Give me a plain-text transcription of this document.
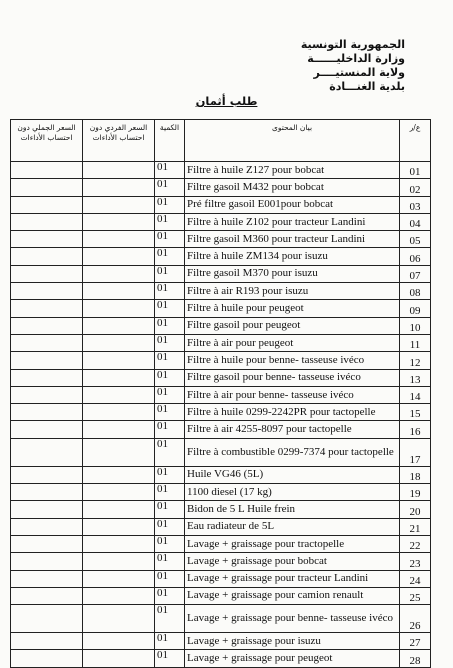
الجمهورية التونسية
وزارة الداخليــــــة
ولاية المنستيــــر
بلدية الغنـــادة
طلب أثمان
السعر الجملي دون احتساب الأداءات	السعر الفردي دون احتساب الأداءات	الكمية	بيان المحتوى	ع/ر
		01	Filtre à huile Z127 pour bobcat	01
		01	Filtre gasoil M432 pour bobcat	02
		01	Pré filtre gasoil E001pour bobcat	03
		01	Filtre à huile Z102 pour tracteur Landini	04
		01	Filtre gasoil M360 pour tracteur Landini	05
		01	Filtre à huile ZM134 pour isuzu	06
		01	Filtre gasoil M370 pour isuzu	07
		01	Filtre à air R193 pour isuzu	08
		01	Filtre à huile pour peugeot	09
		01	Filtre gasoil pour peugeot	10
		01	Filtre à air pour peugeot	11
		01	Filtre à huile pour benne- tasseuse ivéco	12
		01	Filtre gasoil pour benne- tasseuse ivéco	13
		01	Filtre à air pour benne- tasseuse ivéco	14
		01	Filtre à huile 0299-2242PR pour tactopelle	15
		01	Filtre à air 4255-8097 pour tactopelle	16
		01	Filtre à combustible 0299-7374 pour tactopelle	17
		01	Huile VG46 (5L)	18
		01	1100 diesel (17 kg)	19
		01	Bidon de 5 L Huile frein	20
		01	Eau radiateur de 5L	21
		01	Lavage + graissage pour tractopelle	22
		01	Lavage + graissage pour bobcat	23
		01	Lavage + graissage pour tracteur Landini	24
		01	Lavage + graissage pour camion renault	25
		01	Lavage + graissage pour benne- tasseuse ivéco	26
		01	Lavage + graissage pour isuzu	27
		01	Lavage + graissage pour peugeot	28
